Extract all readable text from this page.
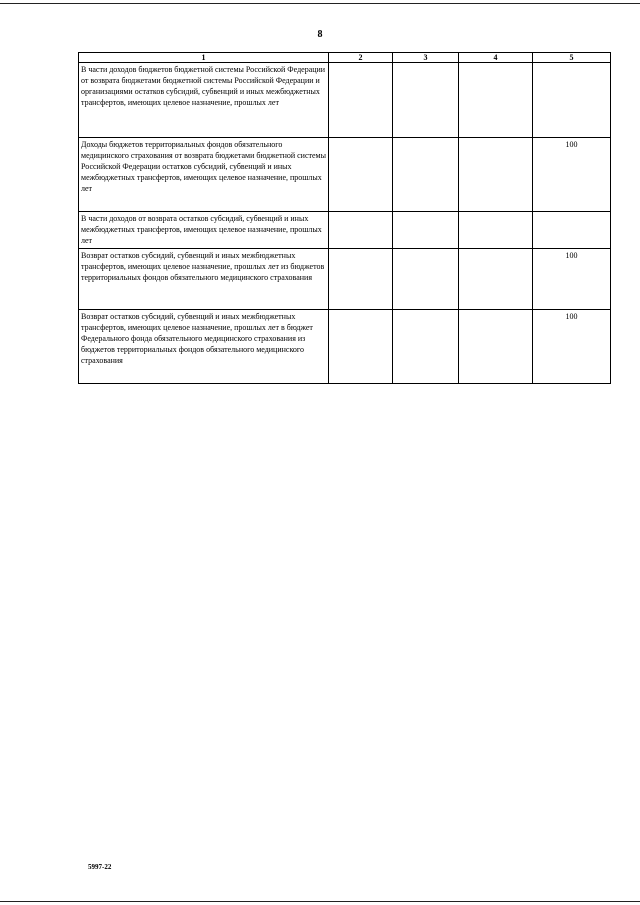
8
1	2	3	4	5
В части доходов бюджетов бюджетной системы Российской Федерации от возврата бюджетами бюджетной системы Российской Федерации и организациями остатков субсидий, субвенций и иных межбюджетных трансфертов, имеющих целевое назначение, прошлых лет				
Доходы бюджетов территориальных фондов обязательного медицинского страхования от возврата бюджетами бюджетной системы Российской Федерации остатков субсидий, субвенций и иных межбюджетных трансфертов, имеющих целевое назначение, прошлых лет				100
В части доходов от возврата остатков субсидий, субвенций и иных межбюджетных трансфертов, имеющих целевое назначение, прошлых лет				
Возврат остатков субсидий, субвенций и иных межбюджетных трансфертов, имеющих целевое назначение, прошлых лет из бюджетов территориальных фондов обязательного медицинского страхования				100
Возврат остатков субсидий, субвенций и иных межбюджетных трансфертов, имеющих целевое назначение, прошлых лет в бюджет Федерального фонда обязательного медицинского страхования из бюджетов территориальных фондов обязательного медицинского страхования				100
5997-22
